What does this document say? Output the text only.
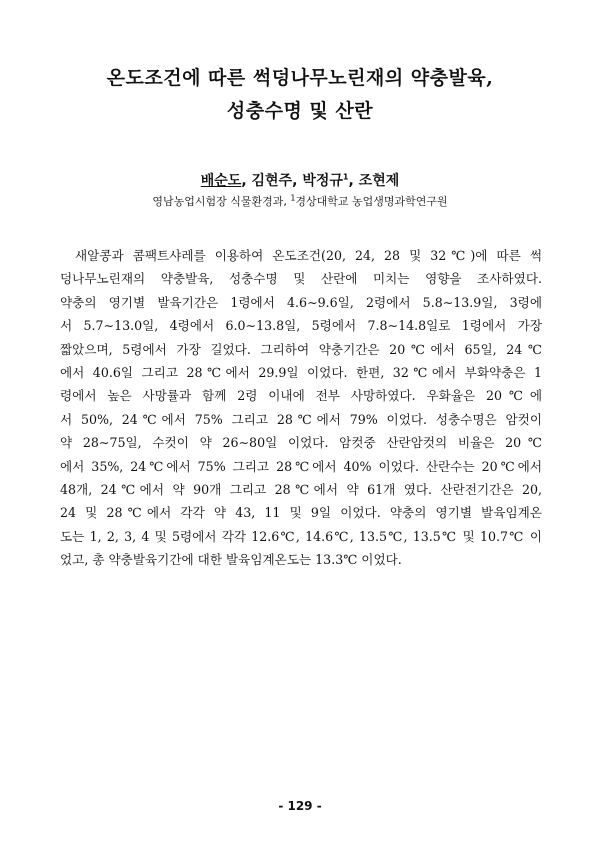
온도조건에 따른 썩덩나무노린재의 약충발육,
성충수명 및 산란
배순도, 김현주, 박정규$^1$, 조현제
영남농업시험장 식물환경과, $^1$경상대학교 농업생명과학연구원
새알콩과 콤팩트샤레를 이용하여 온도조건(20, 24, 28 및 32℃)에 따른 썩
덩나무노린재의 약충발육, 성충수명 및 산란에 미치는 영향을 조사하였다.
약충의 영기별 발육기간은 1령에서 4.6∼9.6일, 2령에서 5.8∼13.9일, 3령에
서 5.7∼13.0일, 4령에서 6.0∼13.8일, 5령에서 7.8∼14.8일로 1령에서 가장
짧았으며, 5령에서 가장 길었다. 그리하여 약충기간은 20℃에서 65일, 24℃
에서 40.6일 그리고 28℃에서 29.9일 이었다. 한편, 32℃에서 부화약충은 1
령에서 높은 사망률과 함께 2령 이내에 전부 사망하였다. 우화율은 20℃에
서 50%, 24℃에서 75% 그리고 28℃에서 79% 이었다. 성충수명은 암컷이
약 28∼75일, 수컷이 약 26∼80일 이었다. 암컷중 산란암컷의 비율은 20℃
에서 35%, 24℃에서 75% 그리고 28℃에서 40% 이었다. 산란수는 20℃에서
48개, 24℃에서 약 90개 그리고 28℃에서 약 61개 였다. 산란전기간은 20,
24 및 28℃에서 각각 약 43, 11 및 9일 이었다. 약충의 영기별 발육임계온
도는 1, 2, 3, 4 및 5령에서 각각 12.6℃, 14.6℃, 13.5℃, 13.5℃ 및 10.7℃ 이
었고, 총 약충발육기간에 대한 발육임계온도는 13.3℃ 이었다.
- 129 -
